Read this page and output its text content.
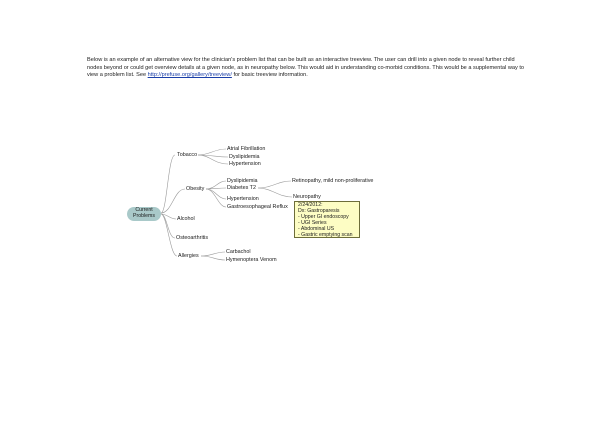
Below is an example of an alternative view for the clinician's problem list that can be built as an interactive treeview. The user can drill into a given node to reveal further child nodes beyond or could get overview details at a given node, as in neuropathy below. This would aid in understanding co-morbid conditions. This would be a supplemental way to view a problem list. See http://prefuse.org/gallery/treeview/ for basic treeview information.
Current
Problems
Tobacco
Obesity
Alcohol
Osteoarthritis
Allergies
Atrial Fibrillation
Dyslipidemia
Hypertension
Dyslipidemia
Diabetes T2
Hypertension
Gastroesophageal Reflux
Retinopathy, mild non-proliferative
Neuropathy
Carbachol
Hymenoptera Venom
2/24/2012:
Dx: Gastroparesis
- Upper GI endoscopy
- UGI Series
- Abdominal US
- Gastric emptying scan
